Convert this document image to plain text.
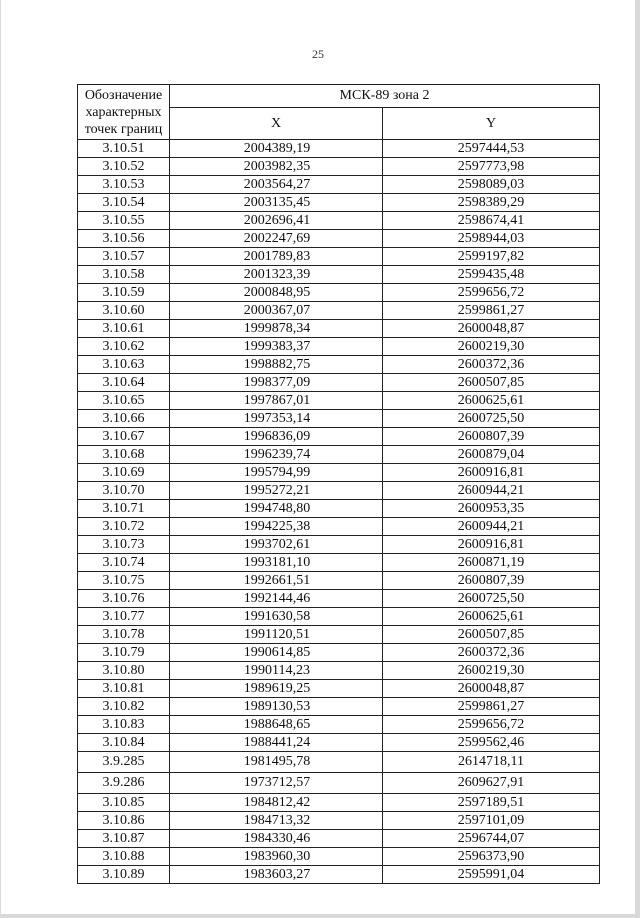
25
Обозначение характерных точек границ	МСК-89 зона 2	
	X	Y
3.10.51	2004389,19	2597444,53
3.10.52	2003982,35	2597773,98
3.10.53	2003564,27	2598089,03
3.10.54	2003135,45	2598389,29
3.10.55	2002696,41	2598674,41
3.10.56	2002247,69	2598944,03
3.10.57	2001789,83	2599197,82
3.10.58	2001323,39	2599435,48
3.10.59	2000848,95	2599656,72
3.10.60	2000367,07	2599861,27
3.10.61	1999878,34	2600048,87
3.10.62	1999383,37	2600219,30
3.10.63	1998882,75	2600372,36
3.10.64	1998377,09	2600507,85
3.10.65	1997867,01	2600625,61
3.10.66	1997353,14	2600725,50
3.10.67	1996836,09	2600807,39
3.10.68	1996239,74	2600879,04
3.10.69	1995794,99	2600916,81
3.10.70	1995272,21	2600944,21
3.10.71	1994748,80	2600953,35
3.10.72	1994225,38	2600944,21
3.10.73	1993702,61	2600916,81
3.10.74	1993181,10	2600871,19
3.10.75	1992661,51	2600807,39
3.10.76	1992144,46	2600725,50
3.10.77	1991630,58	2600625,61
3.10.78	1991120,51	2600507,85
3.10.79	1990614,85	2600372,36
3.10.80	1990114,23	2600219,30
3.10.81	1989619,25	2600048,87
3.10.82	1989130,53	2599861,27
3.10.83	1988648,65	2599656,72
3.10.84	1988441,24	2599562,46
3.9.285	1981495,78	2614718,11
3.9.286	1973712,57	2609627,91
3.10.85	1984812,42	2597189,51
3.10.86	1984713,32	2597101,09
3.10.87	1984330,46	2596744,07
3.10.88	1983960,30	2596373,90
3.10.89	1983603,27	2595991,04
